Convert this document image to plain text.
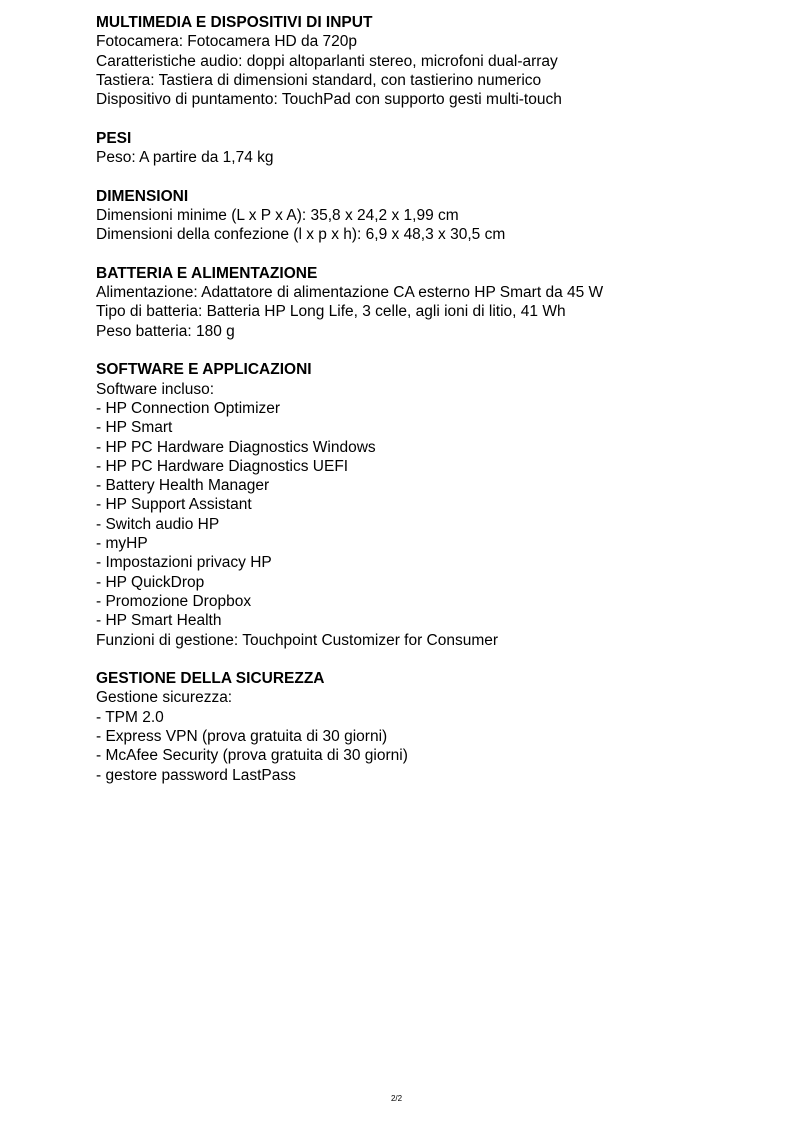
MULTIMEDIA E DISPOSITIVI DI INPUT

Fotocamera: Fotocamera HD da 720p

Caratteristiche audio: doppi altoparlanti stereo, microfoni dual-array

Tastiera: Tastiera di dimensioni standard, con tastierino numerico

Dispositivo di puntamento: TouchPad con supporto gesti multi-touch

PESI

Peso: A partire da 1,74 kg

DIMENSIONI

Dimensioni minime (L x P x A): 35,8 x 24,2 x 1,99 cm

Dimensioni della confezione (l x p x h): 6,9 x 48,3 x 30,5 cm

BATTERIA E ALIMENTAZIONE

Alimentazione: Adattatore di alimentazione CA esterno HP Smart da 45 W

Tipo di batteria: Batteria HP Long Life, 3 celle, agli ioni di litio, 41 Wh

Peso batteria: 180 g

SOFTWARE E APPLICAZIONI

Software incluso:

- HP Connection Optimizer

- HP Smart

- HP PC Hardware Diagnostics Windows

- HP PC Hardware Diagnostics UEFI

- Battery Health Manager

- HP Support Assistant

- Switch audio HP

- myHP

- Impostazioni privacy HP

- HP QuickDrop

- Promozione Dropbox

- HP Smart Health

Funzioni di gestione: Touchpoint Customizer for Consumer

GESTIONE DELLA SICUREZZA

Gestione sicurezza:

- TPM 2.0

- Express VPN (prova gratuita di 30 giorni)

- McAfee Security (prova gratuita di 30 giorni)

- gestore password LastPass

2/2
